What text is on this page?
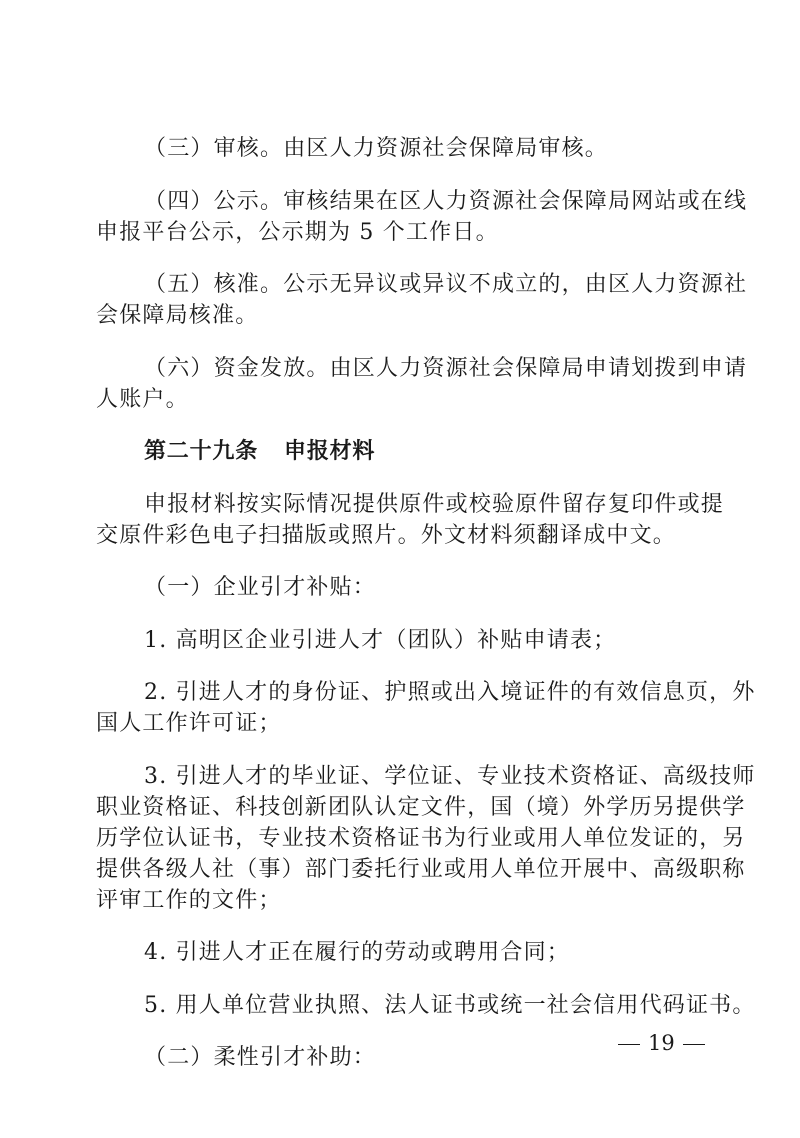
（三）审核。由区人力资源社会保障局审核。
（四）公示。审核结果在区人力资源社会保障局网站或在线
申报平台公示，公示期为 5 个工作日。
（五）核准。公示无异议或异议不成立的，由区人力资源社
会保障局核准。
（六）资金发放。由区人力资源社会保障局申请划拨到申请
人账户。
第二十九条 申报材料
申报材料按实际情况提供原件或校验原件留存复印件或提
交原件彩色电子扫描版或照片。外文材料须翻译成中文。
（一）企业引才补贴：
1. 高明区企业引进人才（团队）补贴申请表；
2. 引进人才的身份证、护照或出入境证件的有效信息页，外
国人工作许可证；
3. 引进人才的毕业证、学位证、专业技术资格证、高级技师
职业资格证、科技创新团队认定文件，国（境）外学历另提供学
历学位认证书，专业技术资格证书为行业或用人单位发证的，另
提供各级人社（事）部门委托行业或用人单位开展中、高级职称
评审工作的文件；
4. 引进人才正在履行的劳动或聘用合同；
5. 用人单位营业执照、法人证书或统一社会信用代码证书。
（二）柔性引才补助：
19
